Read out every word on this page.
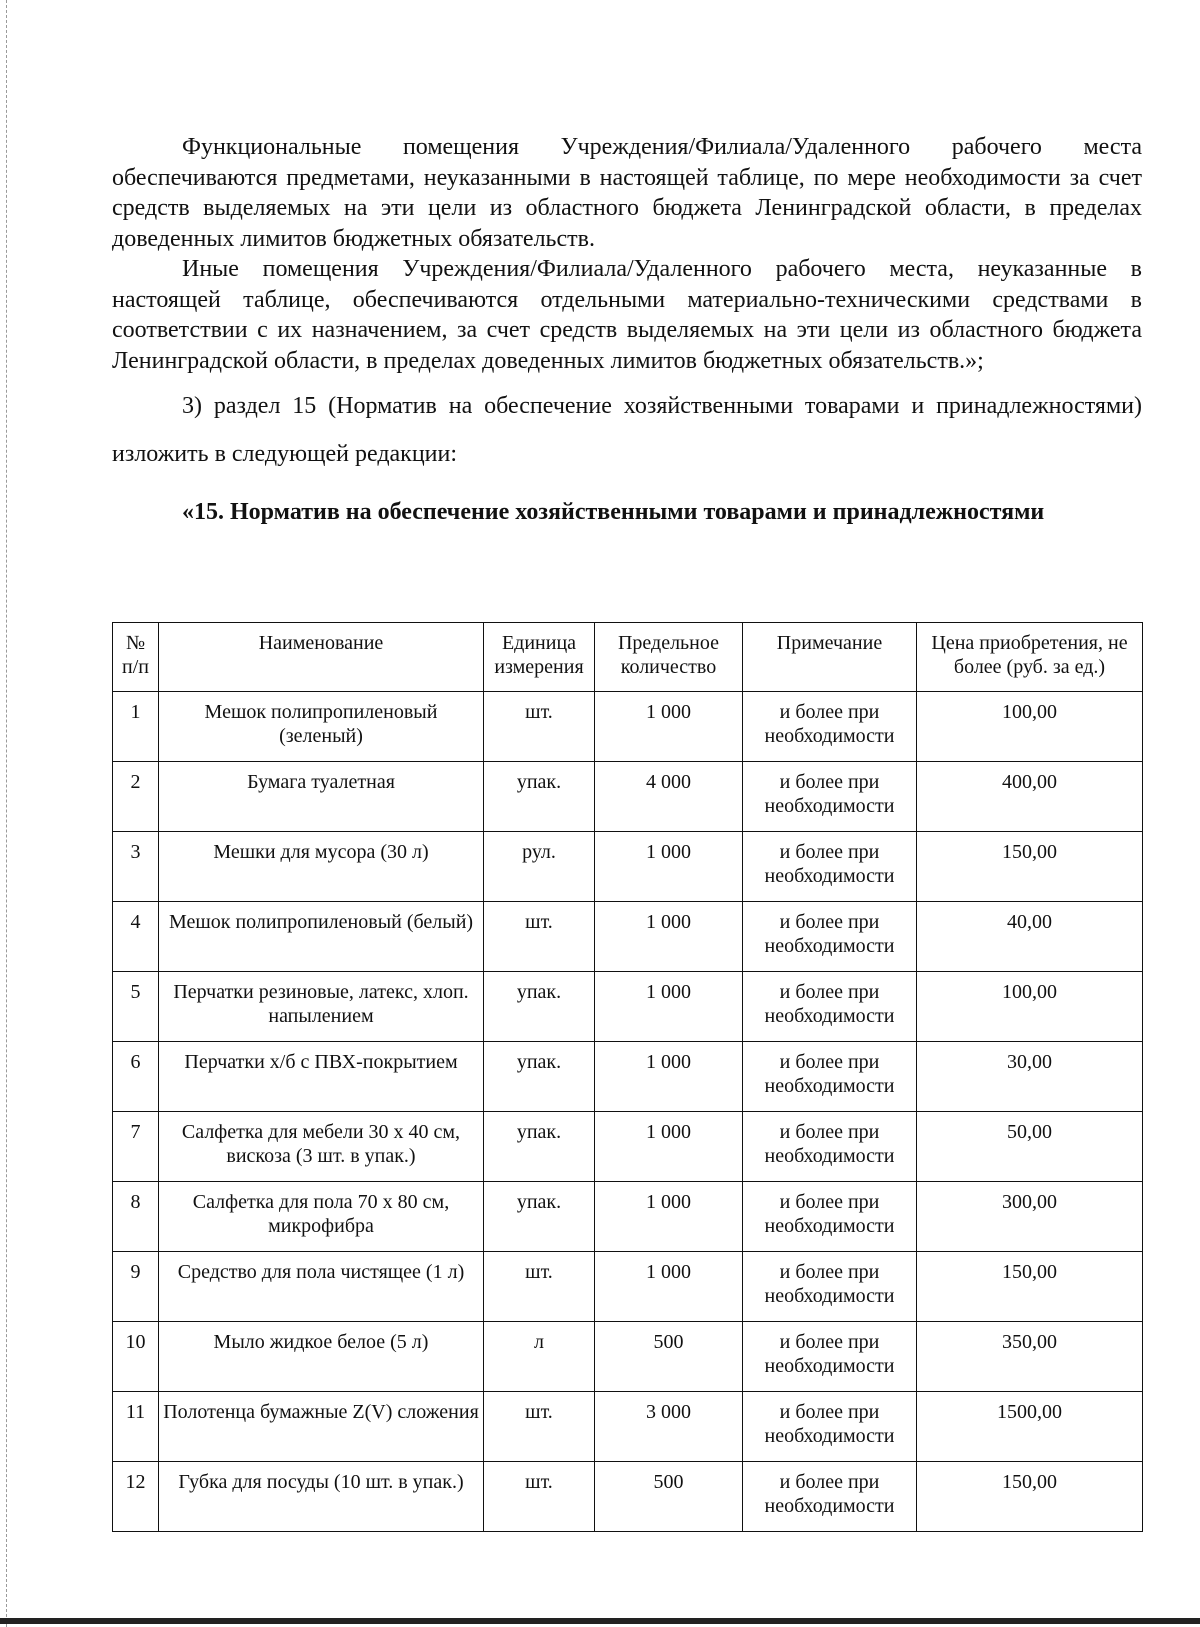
Функциональные помещения Учреждения/Филиала/Удаленного рабочего места обеспечиваются предметами, неуказанными в настоящей таблице, по мере необходимости за счет средств выделяемых на эти цели из областного бюджета Ленинградской области, в пределах доведенных лимитов бюджетных обязательств.

Иные помещения Учреждения/Филиала/Удаленного рабочего места, неуказанные в настоящей таблице, обеспечиваются отдельными материально-техническими средствами в соответствии с их назначением, за счет средств выделяемых на эти цели из областного бюджета Ленинградской области, в пределах доведенных лимитов бюджетных обязательств.»;

3) раздел 15 (Норматив на обеспечение хозяйственными товарами и принадлежностями) изложить в следующей редакции:

«15. Норматив на обеспечение хозяйственными товарами и принадлежностями

№ п/п	Наименование	Единица измерения	Предельное количество	Примечание	Цена приобретения, не более (руб. за ед.)
1	Мешок полипропиленовый (зеленый)	шт.	1 000	и более при необходимости	100,00
2	Бумага туалетная	упак.	4 000	и более при необходимости	400,00
3	Мешки для мусора (30 л)	рул.	1 000	и более при необходимости	150,00
4	Мешок полипропиленовый (белый)	шт.	1 000	и более при необходимости	40,00
5	Перчатки резиновые, латекс, хлоп. напылением	упак.	1 000	и более при необходимости	100,00
6	Перчатки х/б с ПВХ-покрытием	упак.	1 000	и более при необходимости	30,00
7	Салфетка для мебели 30 х 40 см, вискоза (3 шт. в упак.)	упак.	1 000	и более при необходимости	50,00
8	Салфетка для пола 70 х 80 см, микрофибра	упак.	1 000	и более при необходимости	300,00
9	Средство для пола чистящее (1 л)	шт.	1 000	и более при необходимости	150,00
10	Мыло жидкое белое (5 л)	л	500	и более при необходимости	350,00
11	Полотенца бумажные Z(V) сложения	шт.	3 000	и более при необходимости	1500,00
12	Губка для посуды (10 шт. в упак.)	шт.	500	и более при необходимости	150,00
